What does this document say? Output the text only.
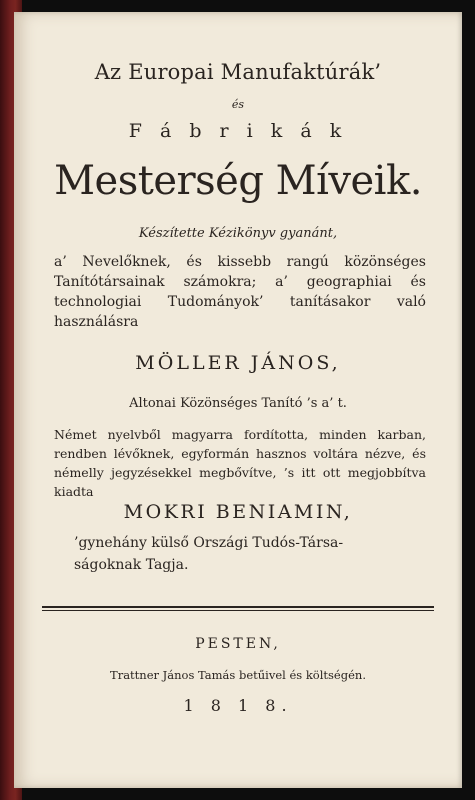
Az Europai Manufaktúrák’
és
F á b r i k á k
Mesterség Míveik.
Készítette Kézikönyv gyanánt,
a’ Nevelőknek, és kissebb rangú közönséges Tanítótársainak számokra; a’ geographiai és technologiai Tudományok’ tanításakor való használásra
MÖLLER JÁNOS,
Altonai Közönséges Tanító ’s a’ t.
Német nyelvből magyarra fordította, minden karban, rendben lévőknek, egyformán hasznos voltára nézve, és némelly jegyzésekkel megbővítve, ’s itt ott megjobbítva kiadta
MOKRI BENIAMIN,
’gynehány külső Országi Tudós-Társa-
ságoknak Tagja.
PESTEN,
Trattner János Tamás betűivel és költségén.
1 8 1 8.
